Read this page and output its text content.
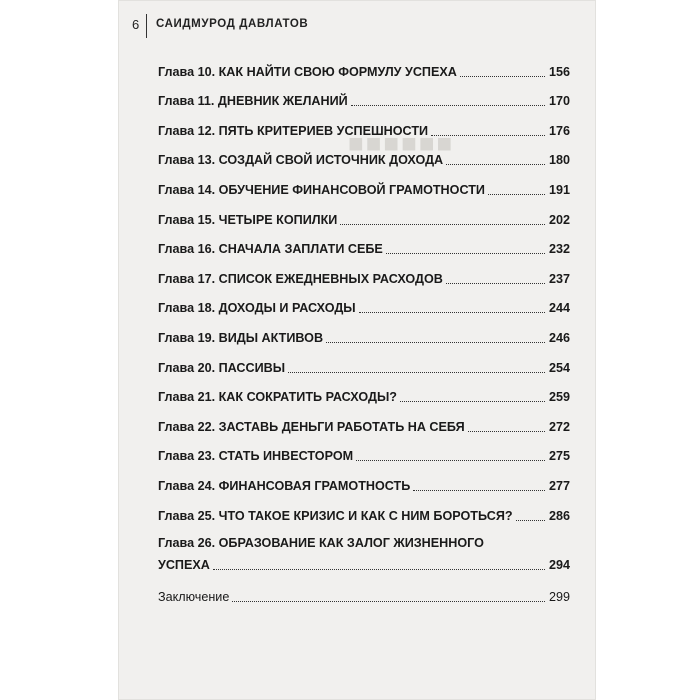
■■■■■■
6 САИДМУРОД ДАВЛАТОВ
Глава 10. КАК НАЙТИ СВОЮ ФОРМУЛУ УСПЕХА	156
Глава 11. ДНЕВНИК ЖЕЛАНИЙ	170
Глава 12. ПЯТЬ КРИТЕРИЕВ УСПЕШНОСТИ	176
Глава 13. СОЗДАЙ СВОЙ ИСТОЧНИК ДОХОДА	180
Глава 14. ОБУЧЕНИЕ ФИНАНСОВОЙ ГРАМОТНОСТИ	191
Глава 15. ЧЕТЫРЕ КОПИЛКИ	202
Глава 16. СНАЧАЛА ЗАПЛАТИ СЕБЕ	232
Глава 17. СПИСОК ЕЖЕДНЕВНЫХ РАСХОДОВ	237
Глава 18. ДОХОДЫ И РАСХОДЫ	244
Глава 19. ВИДЫ АКТИВОВ	246
Глава 20. ПАССИВЫ	254
Глава 21. КАК СОКРАТИТЬ РАСХОДЫ?	259
Глава 22. ЗАСТАВЬ ДЕНЬГИ РАБОТАТЬ НА СЕБЯ	272
Глава 23. СТАТЬ ИНВЕСТОРОМ	275
Глава 24. ФИНАНСОВАЯ ГРАМОТНОСТЬ	277
Глава 25. ЧТО ТАКОЕ КРИЗИС И КАК С НИМ БОРОТЬСЯ?	286
Глава 26. ОБРАЗОВАНИЕ КАК ЗАЛОГ ЖИЗНЕННОГО
УСПЕХА	294
Заключение	299
